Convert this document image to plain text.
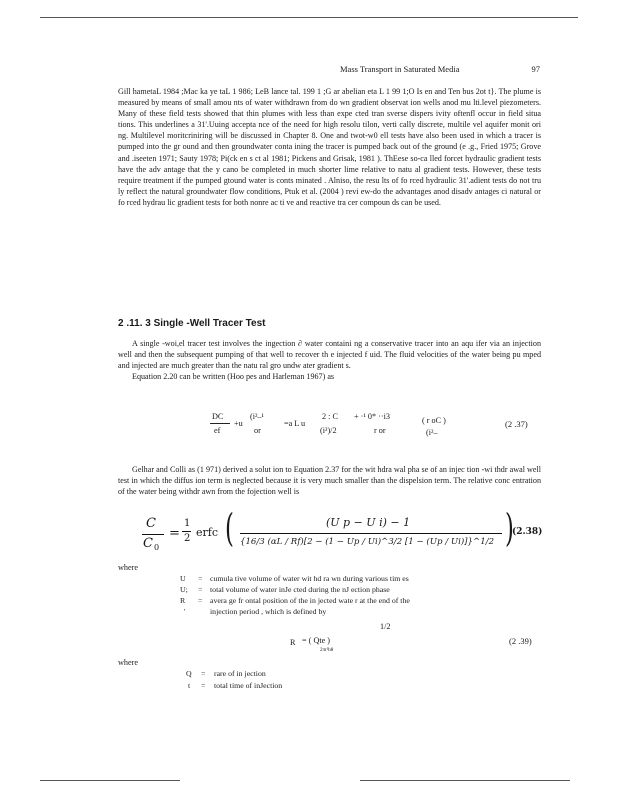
Mass Transport in Saturated Media	97

Gill hametaL 1984 ;Mac ka ye taL 1 986; LeB lance tal. 199 1 ;G ar abelian eta L 1 99 1;O Is en and Ten bus 2ot t}. The plume is measured by means of small amou nts of water withdrawn from do wn gradient observat ion wells anod mu lti.level piezometers. Many of these field tests showed that thin plumes with less than expe cted tran sverse dispers ivity oftenfl occur in field situa tions. This underlines a 31'.Uuing accepta nce of the need for high resolu tilon, verti cally discrete, multile vel aquifer monit ori ng. Multilevel moritcriniring will be discussed in Chapter 8. One and twot-w0 ell tests have also been used in which a tracer is pumped into the gr ound and then groundwater conta ining the tracer is pumped back out of the ground (e .g., Fried 1975; Grove and .iseeten 1971; Sauty 1978; Pi(ck en s ct al 1981; Pickens and Grisak, 1981 ). ThEese so-ca lled forcet hydraulic gradient tests have the adv antage that the y cano be completed in much shorter lime relative to natu al gradient tests. However, these tests require treatment if the pumped gtound water is conts minated . Alniso, the resu lts of fo rced hydraulic 31'.adient tests do not tru ly reflect the natural groundwater flow conditions, Ptuk et al. (2004 ) revi ew-do the advantages anod disadv antages ci natural or fo rced hydrau lic gradient tests for both nonre ac ti ve and reactive tra cer compoun ds can be used.

2 .11. 3 Single -Well Tracer Test

A single -woi,el tracer test involves the ingection ∂ water containi ng a conservative tracer into an aqu ifer via an injection well and then the subsequent pumping of that well to recover th e injected f uid. The fluid velocities of the water being pu mped and injected are much greater than the natu ral gro undw ater gradient s.

Equation 2.20 can be written (Hoo pes and Harleman 1967) as

DC
ef
+u
(i²–¹
or
=a L u
2 : C
(i²)/2
+ ·¹ 0* ··i3
r or
( r oC )
(i²–
(2 .37)

Gelhar and Colli as (1 971) derived a solut ion to Equation 2.37 for the wit hdra wal pha se of an injec tion -wi thdr awal well test in which the diffus ion term is neglected because it is very much smaller than the dispelsion term. The relative conc entration of the water being withdr awn from the fojection well is

C
C 0
=
1
2 erfc (	(U p − U i) − 1
{16/3 (αL / Rf)[2 − (1 − Up / Ui)^3/2 [1 − (Up / Ui)]}^1/2 )
(2.38)
where
U = cumula tive volume of water wit hd ra wn during various tim es
U; = total volume of water inJe cted during the nJ ection phase
R = avera ge fr ontal position of the in jected wate r at the end of the
'	injection period , which is defined by
1/2
R = ( Qte )
2πr²bθ
(2 .39)
where
Q = rare of in jection
t = total time of inJection
